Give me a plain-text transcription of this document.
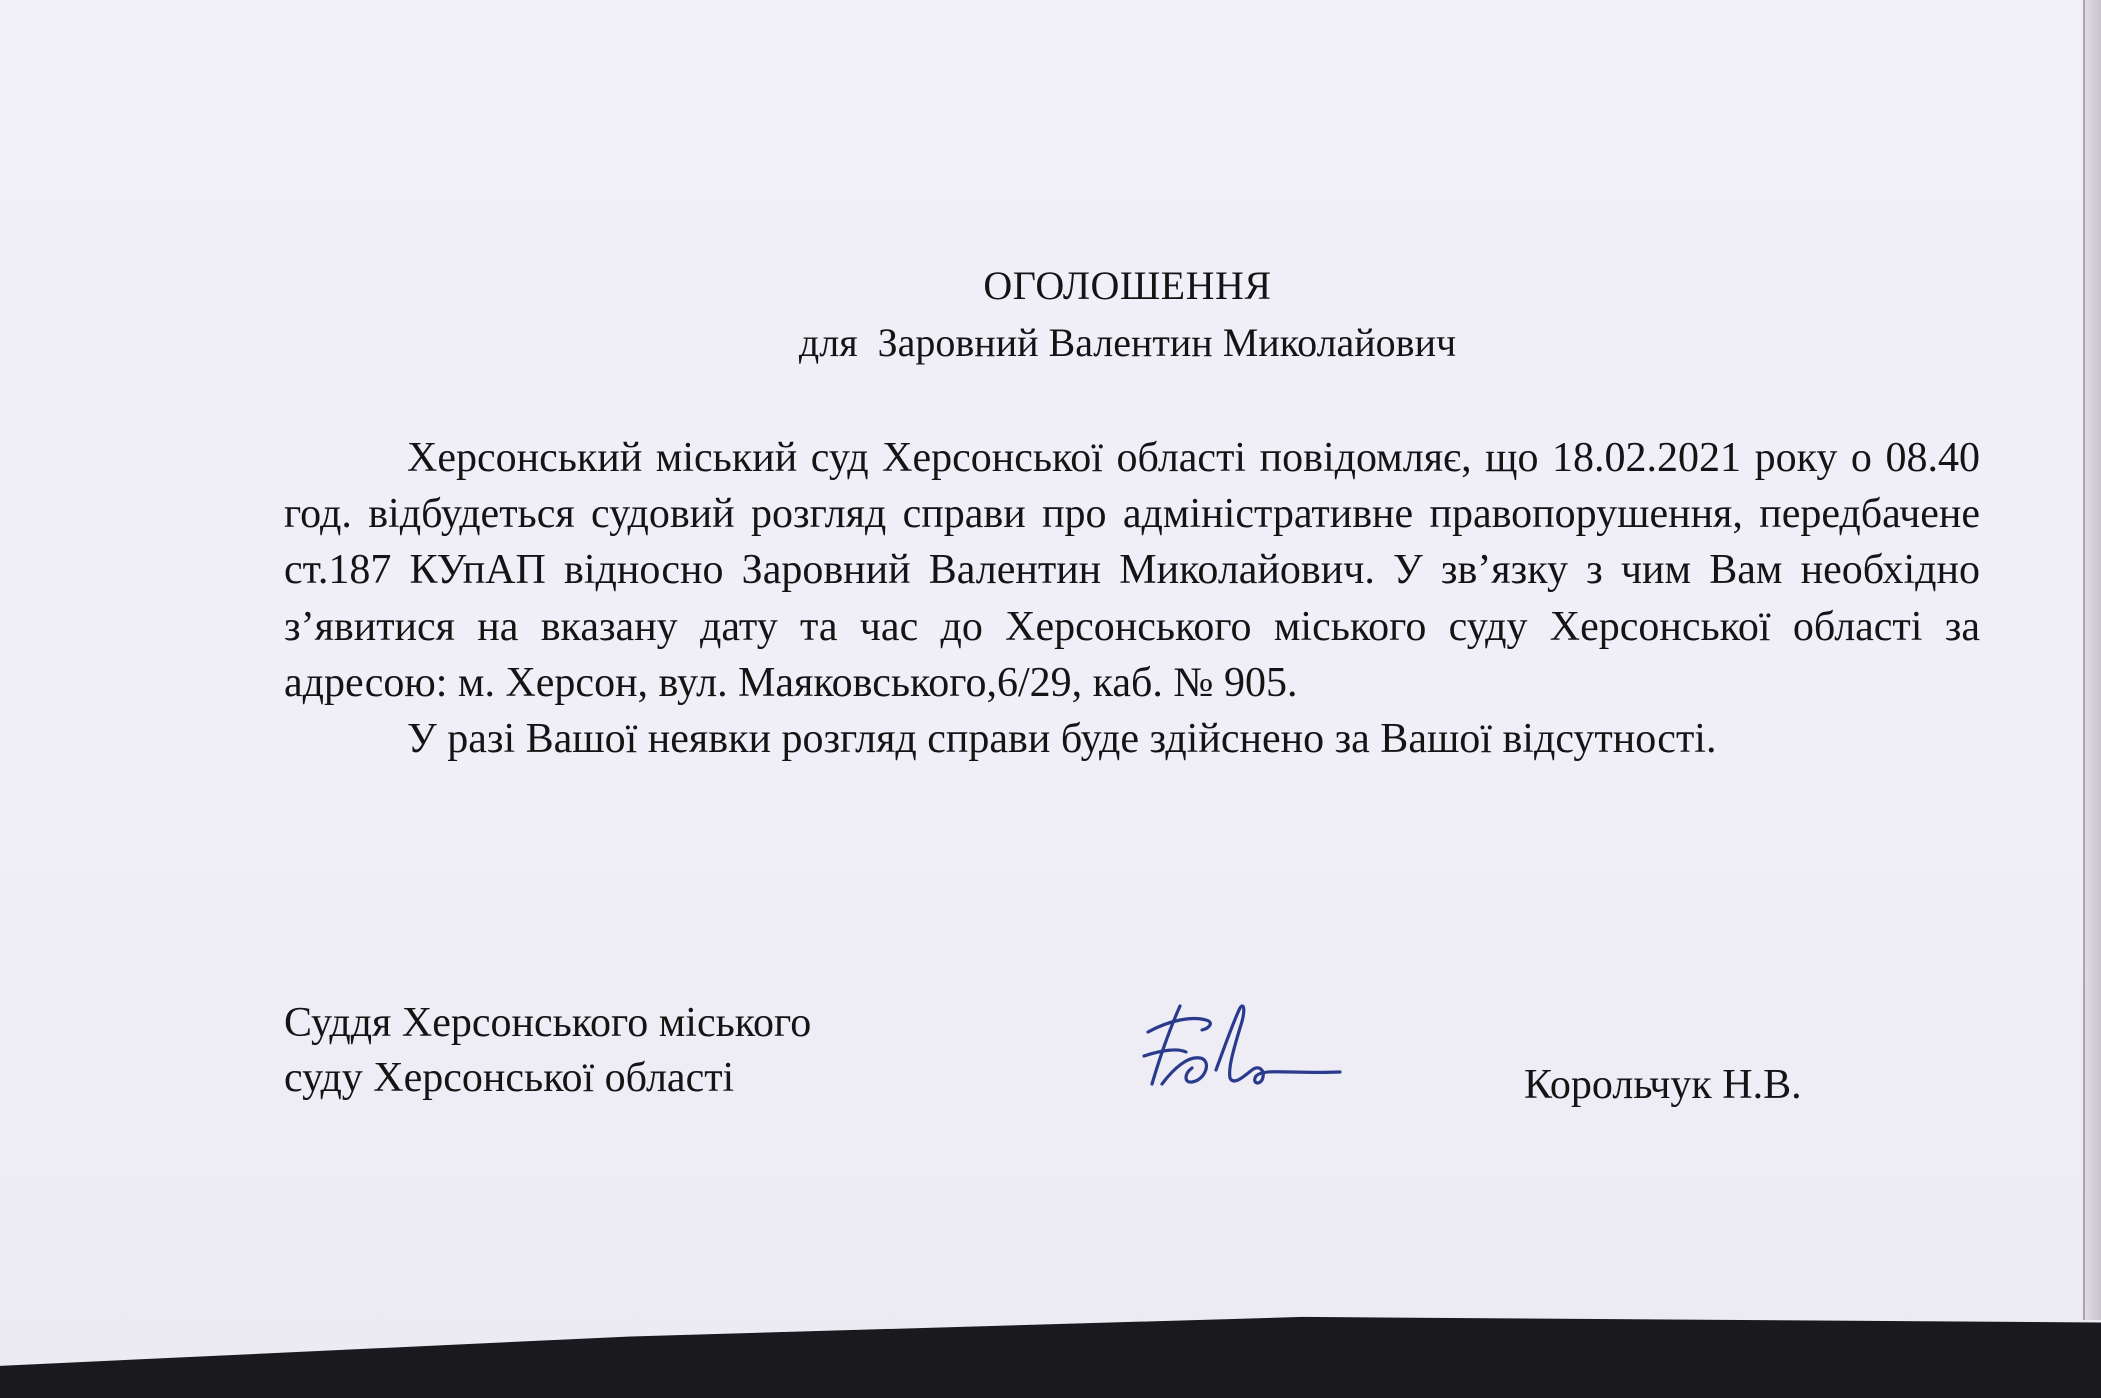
ОГОЛОШЕННЯ
для  Заровний Валентин Миколайович

Херсонський міський суд Херсонської області повідомляє, що 18.02.2021 року о 08.40 год. відбудеться судовий розгляд справи про адміністративне правопорушення, передбачене ст.187 КУпАП відносно Заровний Валентин Миколайович. У зв’язку з чим Вам необхідно з’явитися на вказану дату та час до Херсонського міського суду Херсонської області за адресою: м. Херсон, вул. Маяковського,6/29, каб. № 905.

У разі Вашої неявки розгляд справи буде здійснено за Вашої відсутності.

Суддя Херсонського міського
суду Херсонської області	Корольчук Н.В.
